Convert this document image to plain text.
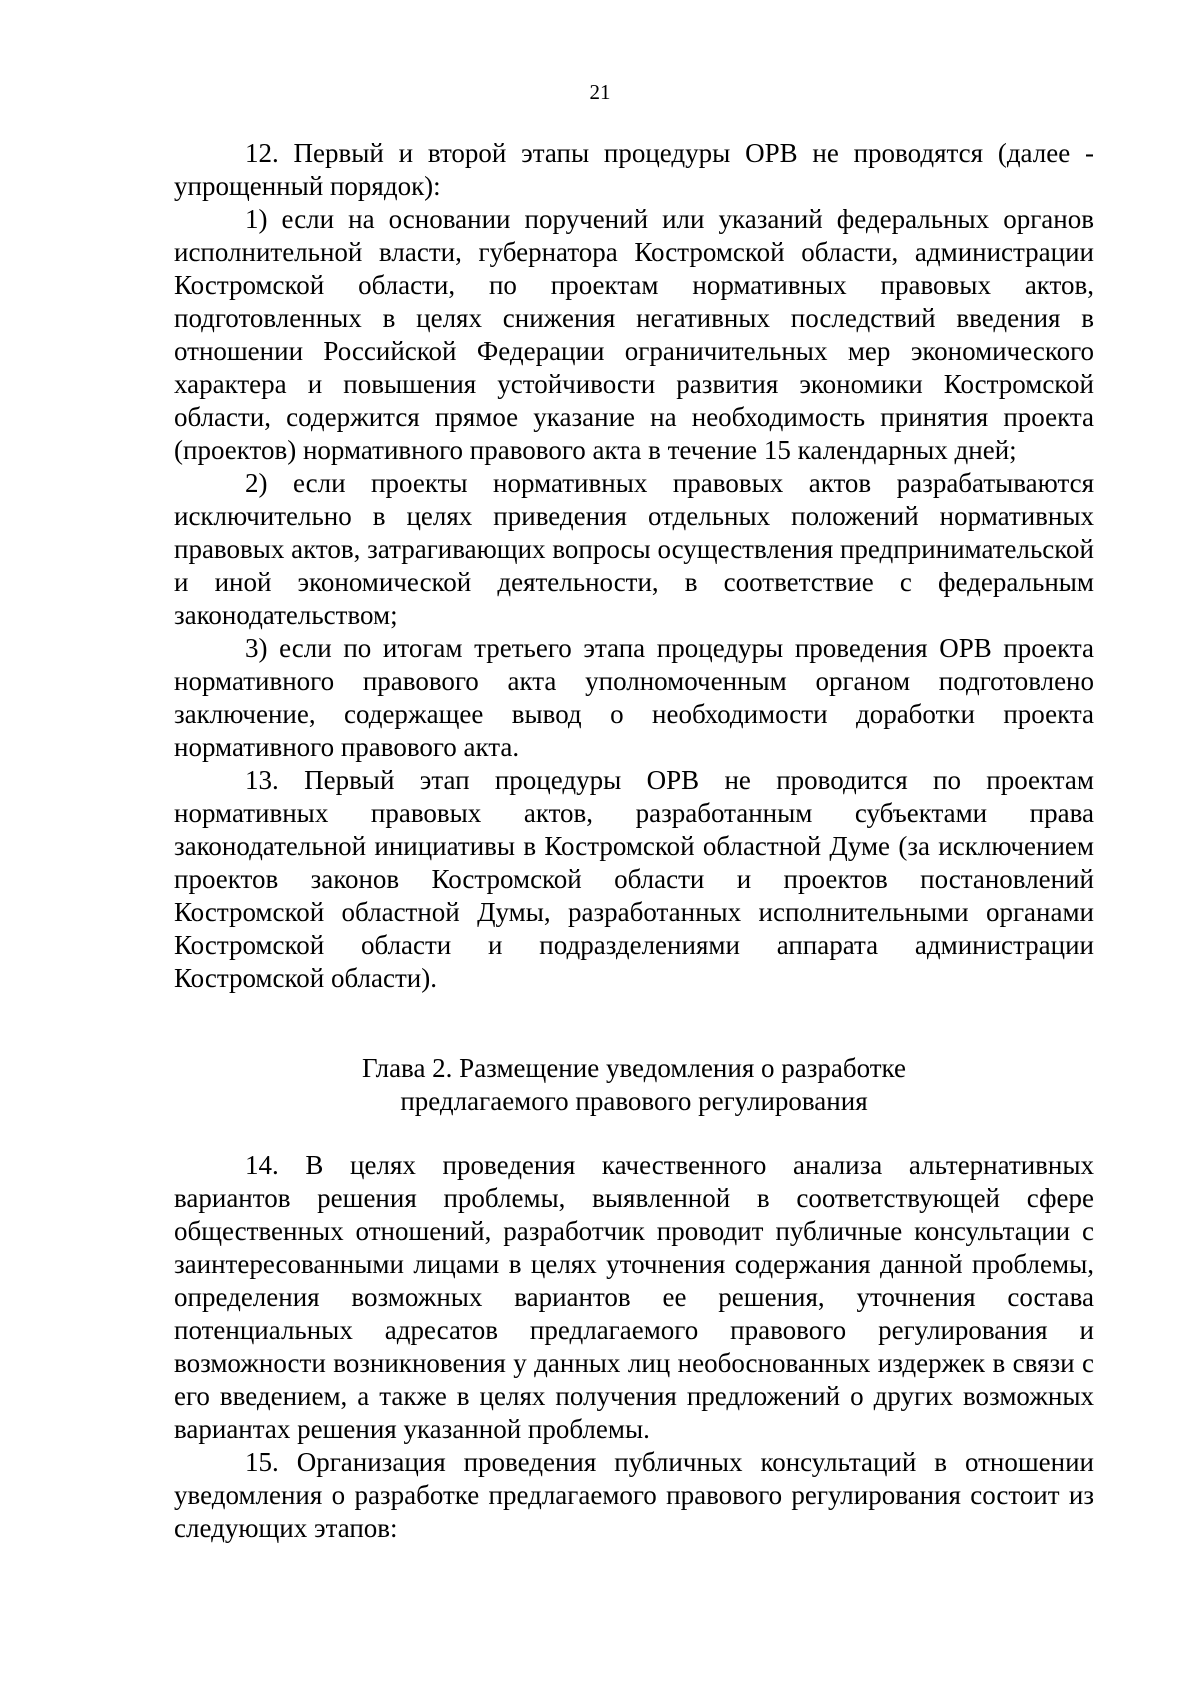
21

12. Первый и второй этапы процедуры ОРВ не проводятся (далее - упрощенный порядок):

1) если на основании поручений или указаний федеральных органов исполнительной власти, губернатора Костромской области, администрации Костромской области, по проектам нормативных правовых актов, подготовленных в целях снижения негативных последствий введения в отношении Российской Федерации ограничительных мер экономического характера и повышения устойчивости развития экономики Костромской области, содержится прямое указание на необходимость принятия проекта (проектов) нормативного правового акта в течение 15 календарных дней;

2) если проекты нормативных правовых актов разрабатываются исключительно в целях приведения отдельных положений нормативных правовых актов, затрагивающих вопросы осуществления предпринимательской и иной экономической деятельности, в соответствие с федеральным законодательством;

3) если по итогам третьего этапа процедуры проведения ОРВ проекта нормативного правового акта уполномоченным органом подготовлено заключение, содержащее вывод о необходимости доработки проекта нормативного правового акта.

13. Первый этап процедуры ОРВ не проводится по проектам нормативных правовых актов, разработанным субъектами права законодательной инициативы в Костромской областной Думе (за исключением проектов законов Костромской области и проектов постановлений Костромской областной Думы, разработанных исполнительными органами Костромской области и подразделениями аппарата администрации Костромской области).

Глава 2. Размещение уведомления о разработке
предлагаемого правового регулирования

14. В целях проведения качественного анализа альтернативных вариантов решения проблемы, выявленной в соответствующей сфере общественных отношений, разработчик проводит публичные консультации с заинтересованными лицами в целях уточнения содержания данной проблемы, определения возможных вариантов ее решения, уточнения состава потенциальных адресатов предлагаемого правового регулирования и возможности возникновения у данных лиц необоснованных издержек в связи с его введением, а также в целях получения предложений о других возможных вариантах решения указанной проблемы.

15. Организация проведения публичных консультаций в отношении уведомления о разработке предлагаемого правового регулирования состоит из следующих этапов:
